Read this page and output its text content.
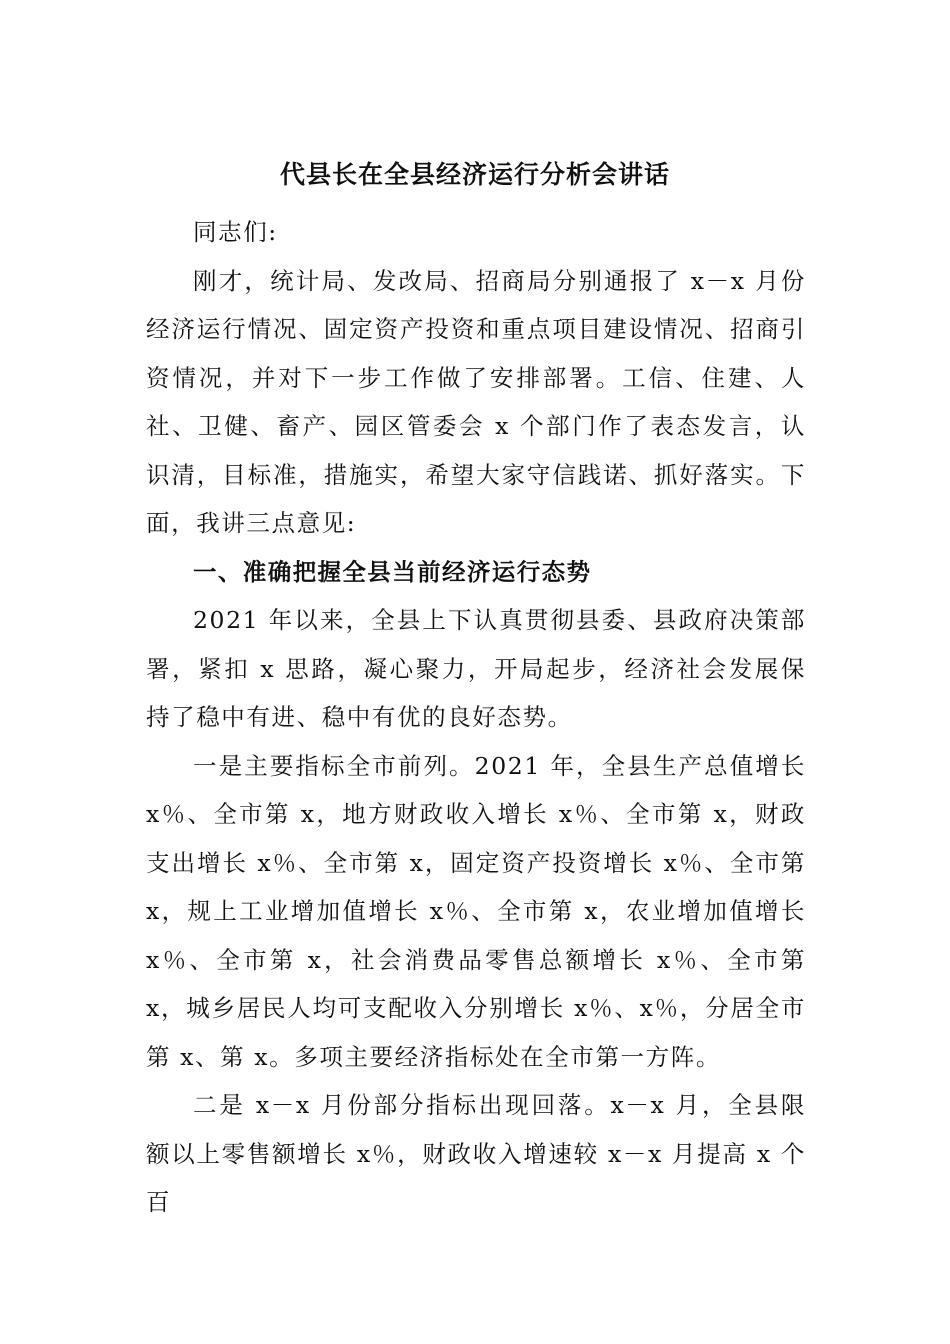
代县长在全县经济运行分析会讲话

同志们:

刚才，统计局、发改局、招商局分别通报了 x－x 月份经济运行情况、固定资产投资和重点项目建设情况、招商引资情况，并对下一步工作做了安排部署。工信、住建、人社、卫健、畜产、园区管委会 x 个部门作了表态发言，认识清，目标准，措施实，希望大家守信践诺、抓好落实。下面，我讲三点意见:

一、准确把握全县当前经济运行态势

2021 年以来，全县上下认真贯彻县委、县政府决策部署，紧扣 x 思路，凝心聚力，开局起步，经济社会发展保持了稳中有进、稳中有优的良好态势。

一是主要指标全市前列。2021 年，全县生产总值增长 x％、全市第 x，地方财政收入增长 x％、全市第 x，财政支出增长 x％、全市第 x，固定资产投资增长 x％、全市第 x，规上工业增加值增长 x％、全市第 x，农业增加值增长 x％、全市第 x，社会消费品零售总额增长 x％、全市第 x，城乡居民人均可支配收入分别增长 x％、x％，分居全市第 x、第 x。多项主要经济指标处在全市第一方阵。

二是 x－x 月份部分指标出现回落。x－x 月，全县限额以上零售额增长 x％，财政收入增速较 x－x 月提高 x 个百
